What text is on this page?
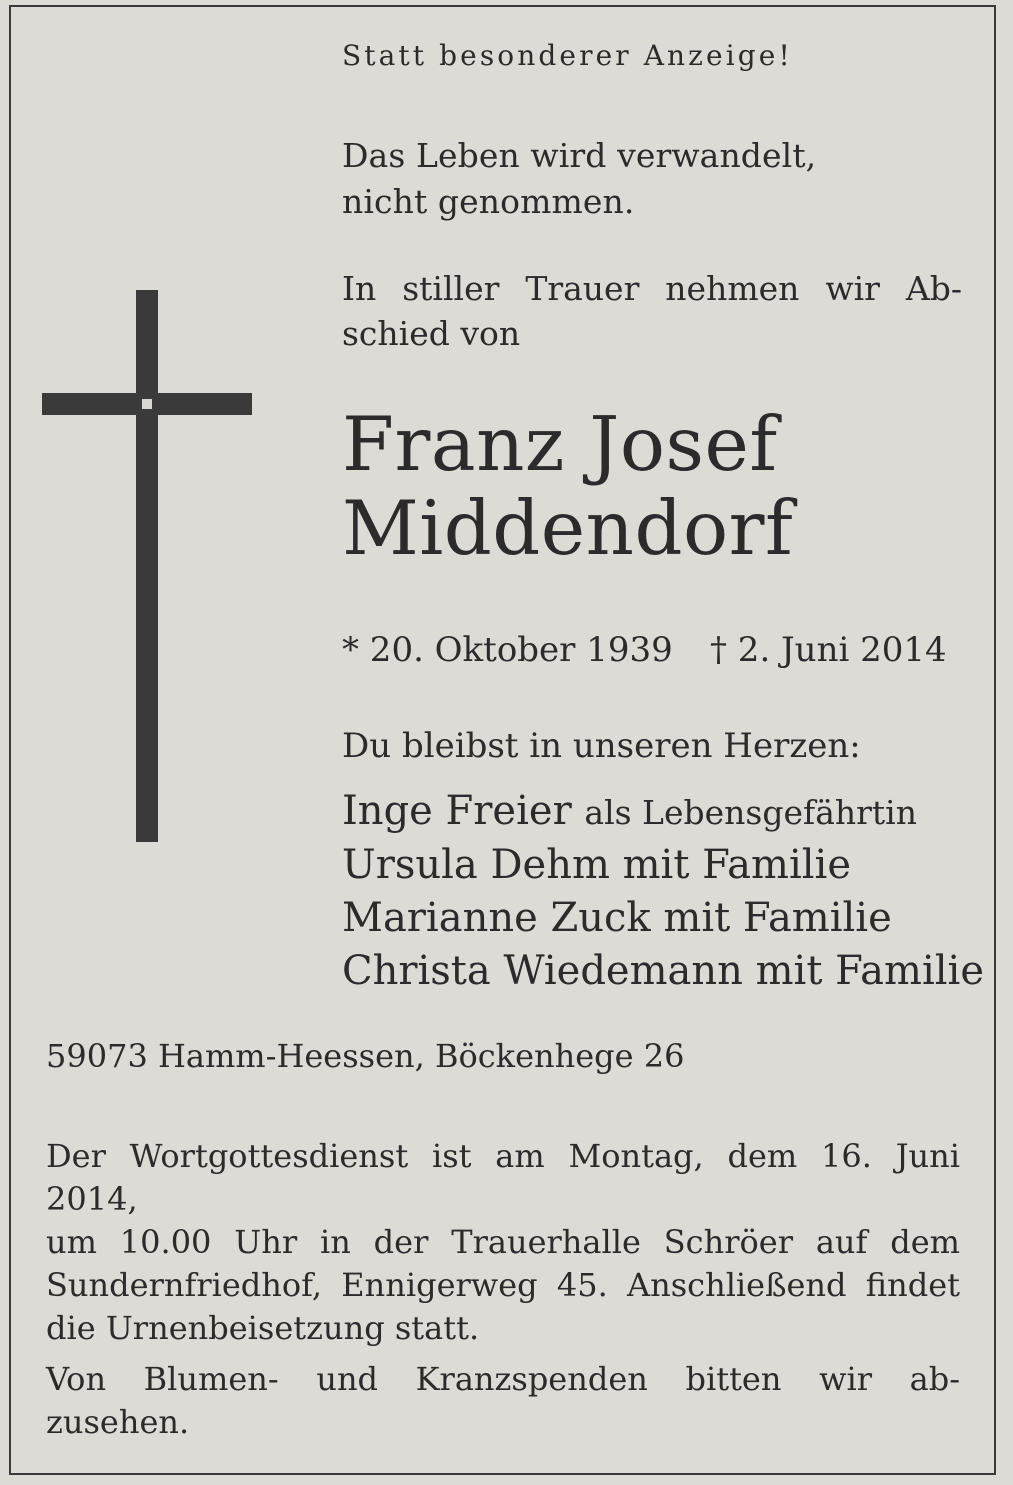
Statt besonderer Anzeige!
Das Leben wird verwandelt,
nicht genommen.
In stiller Trauer nehmen wir Ab-
schied von
Franz Josef
Middendorf
* 20. Oktober 1939 † 2. Juni 2014
Du bleibst in unseren Herzen:
Inge Freier als Lebensgefährtin
Ursula Dehm mit Familie
Marianne Zuck mit Familie
Christa Wiedemann mit Familie
59073 Hamm-Heessen, Böckenhege 26
Der Wortgottesdienst ist am Montag, dem 16. Juni 2014,
um 10.00 Uhr in der Trauerhalle Schröer auf dem
Sundernfriedhof, Ennigerweg 45. Anschließend findet
die Urnenbeisetzung statt.
Von Blumen- und Kranzspenden bitten wir ab-
zusehen.
